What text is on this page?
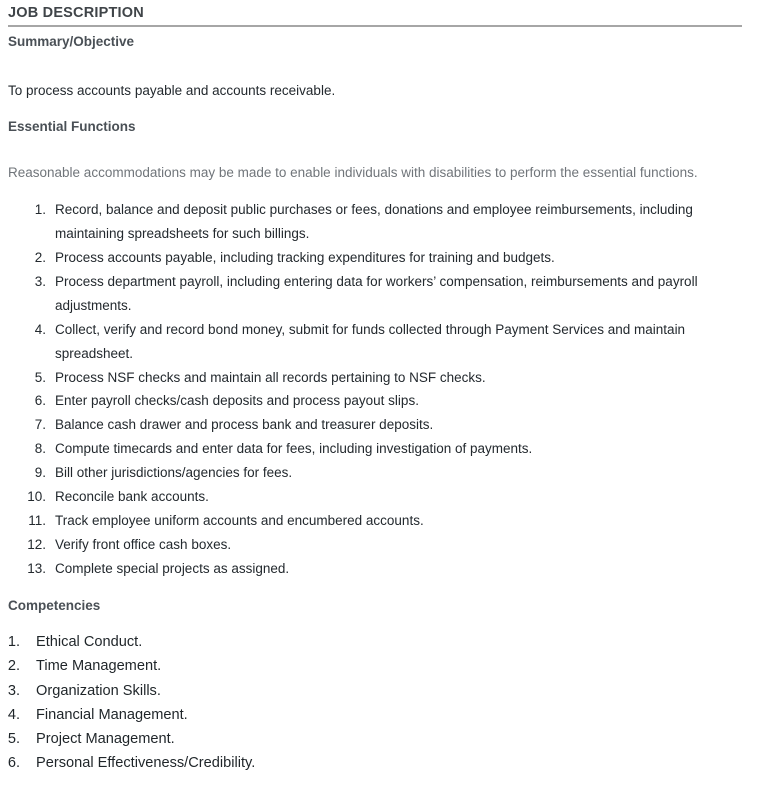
JOB DESCRIPTION
Summary/Objective

To process accounts payable and accounts receivable.

Essential Functions

Reasonable accommodations may be made to enable individuals with disabilities to perform the essential functions.

1. Record, balance and deposit public purchases or fees, donations and employee reimbursements, including maintaining spreadsheets for such billings.
2. Process accounts payable, including tracking expenditures for training and budgets.
3. Process department payroll, including entering data for workers’ compensation, reimbursements and payroll adjustments.
4. Collect, verify and record bond money, submit for funds collected through Payment Services and maintain spreadsheet.
5. Process NSF checks and maintain all records pertaining to NSF checks.
6. Enter payroll checks/cash deposits and process payout slips.
7. Balance cash drawer and process bank and treasurer deposits.
8. Compute timecards and enter data for fees, including investigation of payments.
9. Bill other jurisdictions/agencies for fees.
10. Reconcile bank accounts.
11. Track employee uniform accounts and encumbered accounts.
12. Verify front office cash boxes.
13. Complete special projects as assigned.
Competencies
1. Ethical Conduct.
2. Time Management.
3. Organization Skills.
4. Financial Management.
5. Project Management.
6. Personal Effectiveness/Credibility.
